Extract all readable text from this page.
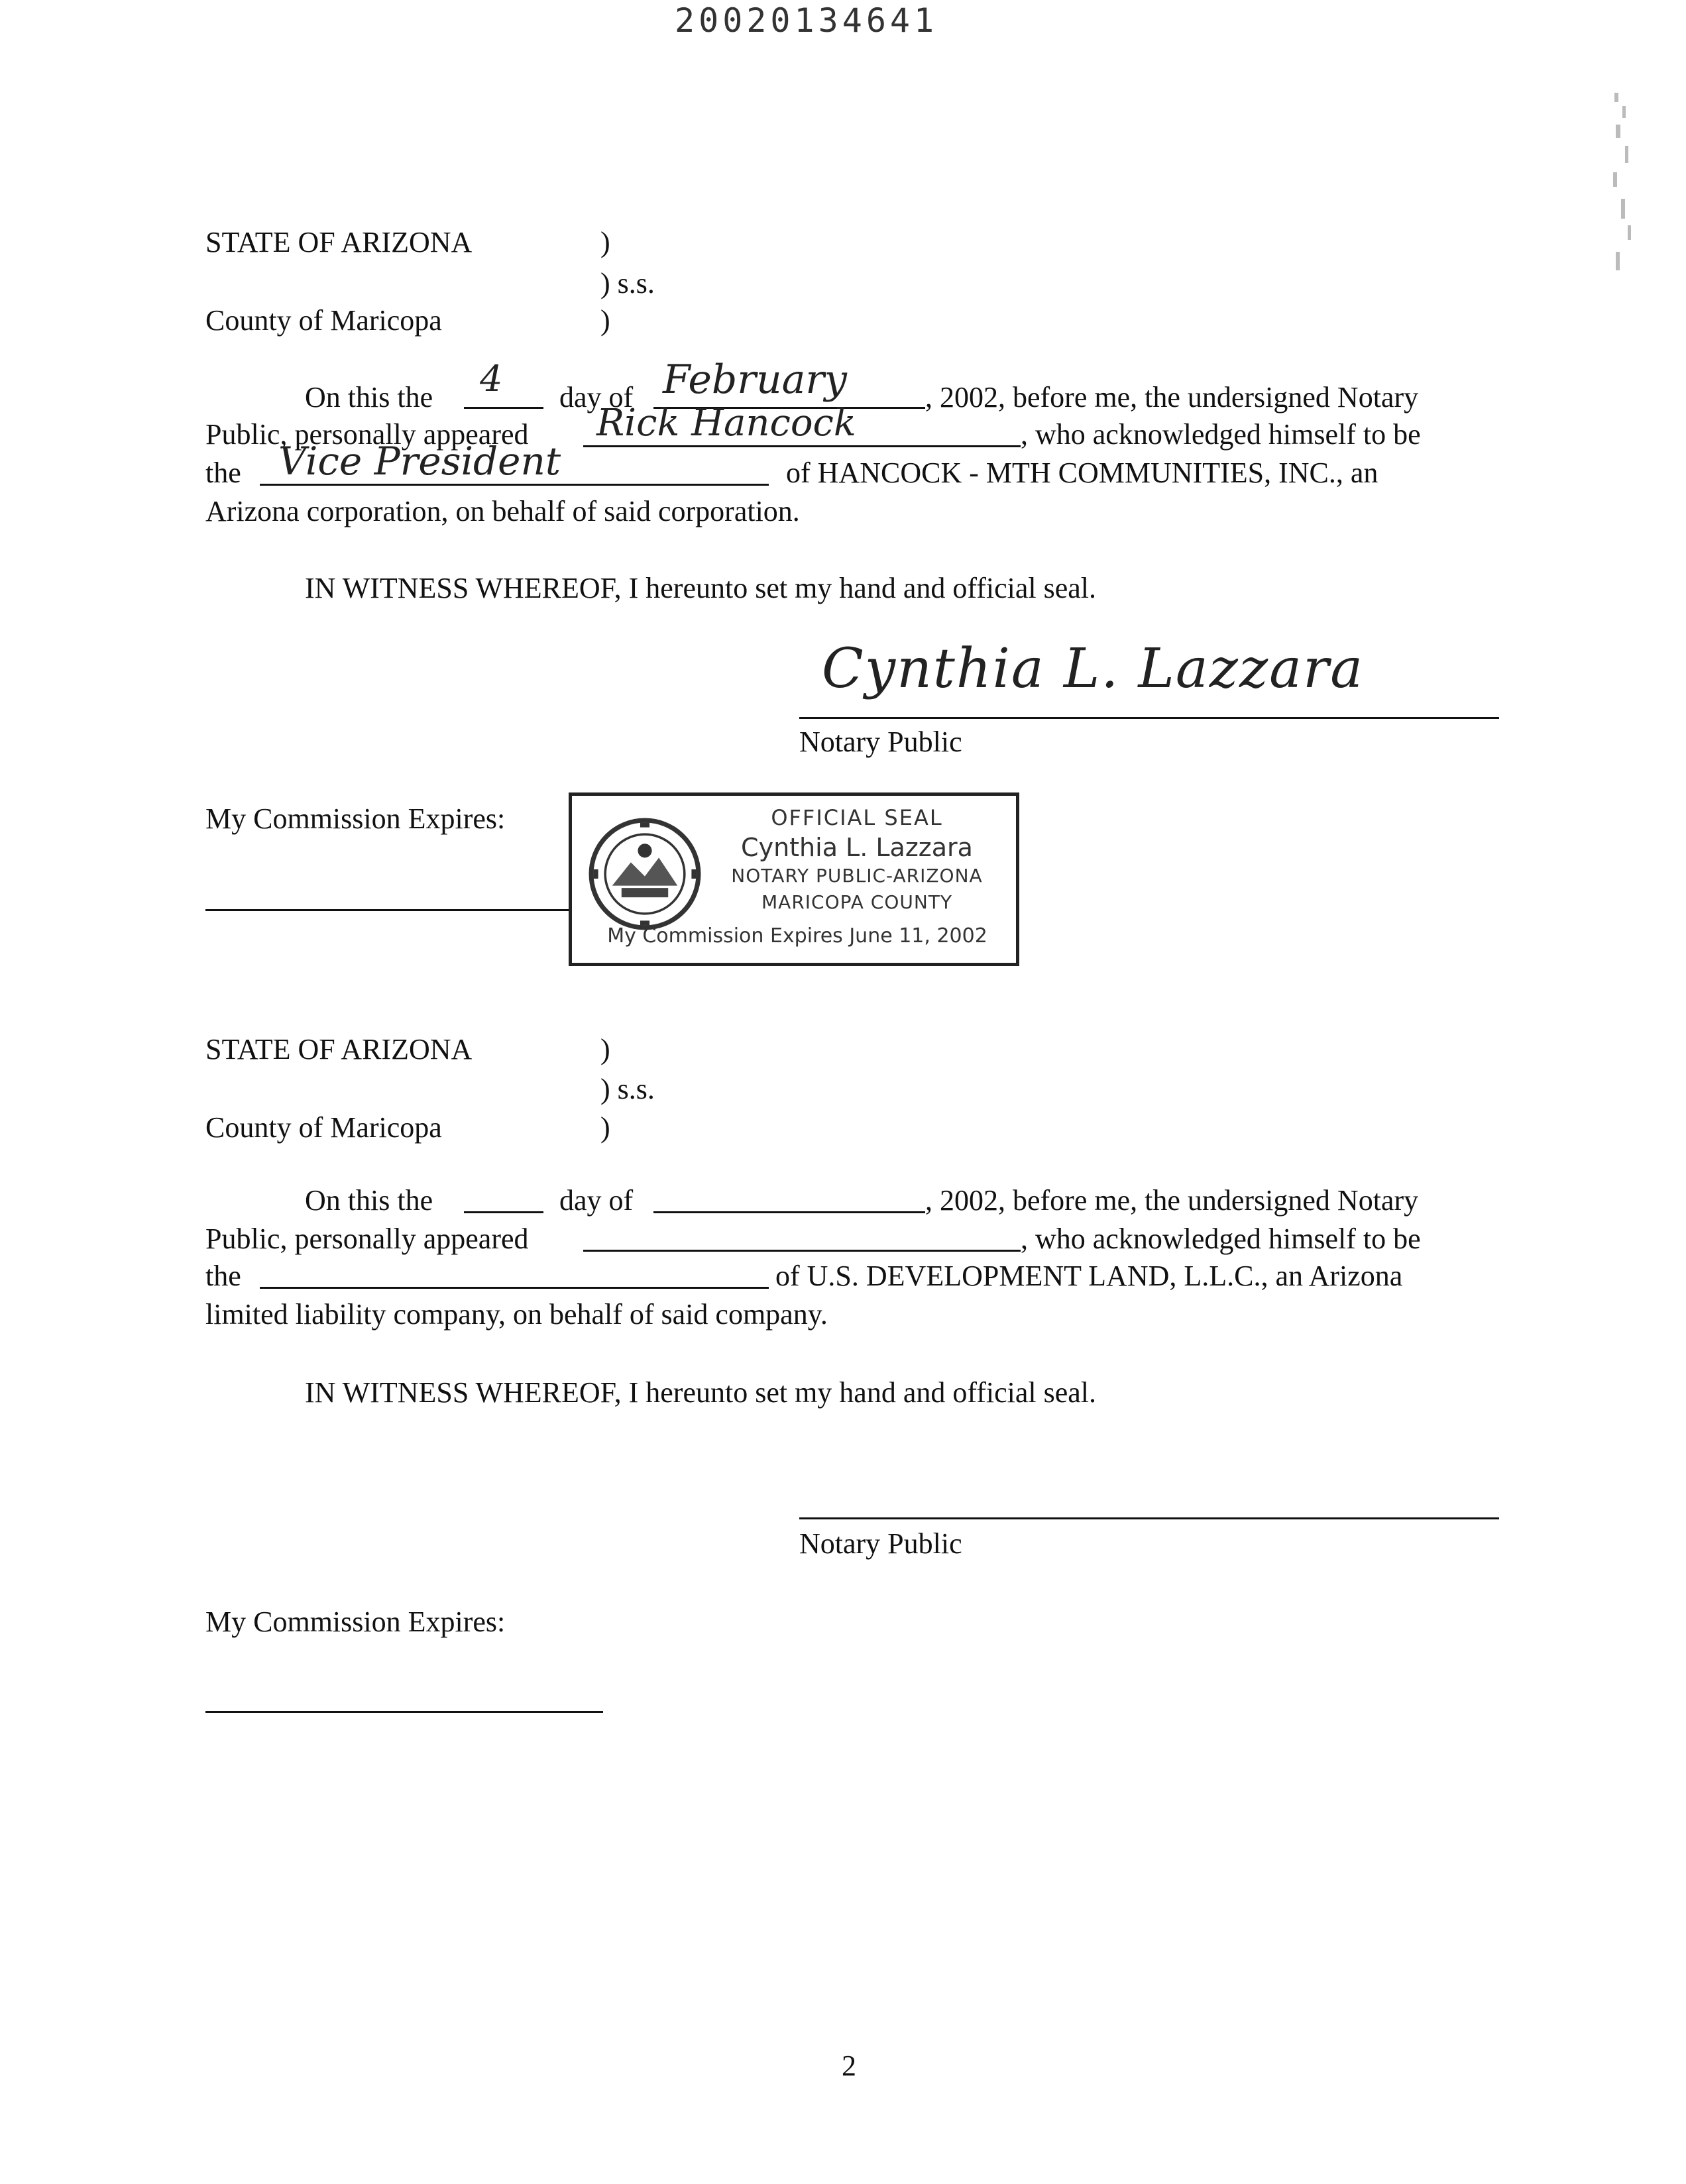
20020134641
STATE OF ARIZONA	)
) s.s.
County of Maricopa	)
On this the 4 day of February	, 2002, before me, the undersigned Notary
Public, personally appeared Rick Hancock	, who acknowledged himself to be
the Vice President	of HANCOCK - MTH COMMUNITIES, INC., an
Arizona corporation, on behalf of said corporation.
IN WITNESS WHEREOF, I hereunto set my hand and official seal.
Cynthia L. Lazzara
Notary Public
My Commission Expires:	OFFICIAL SEAL
Cynthia L. Lazzara
NOTARY PUBLIC-ARIZONA
MARICOPA COUNTY
My Commission Expires June 11, 2002
STATE OF ARIZONA	)
) s.s.
County of Maricopa	)
On this the	day of	, 2002, before me, the undersigned Notary
Public, personally appeared	, who acknowledged himself to be
the	of U.S. DEVELOPMENT LAND, L.L.C., an Arizona
limited liability company, on behalf of said company.
IN WITNESS WHEREOF, I hereunto set my hand and official seal.
Notary Public
My Commission Expires:
2
